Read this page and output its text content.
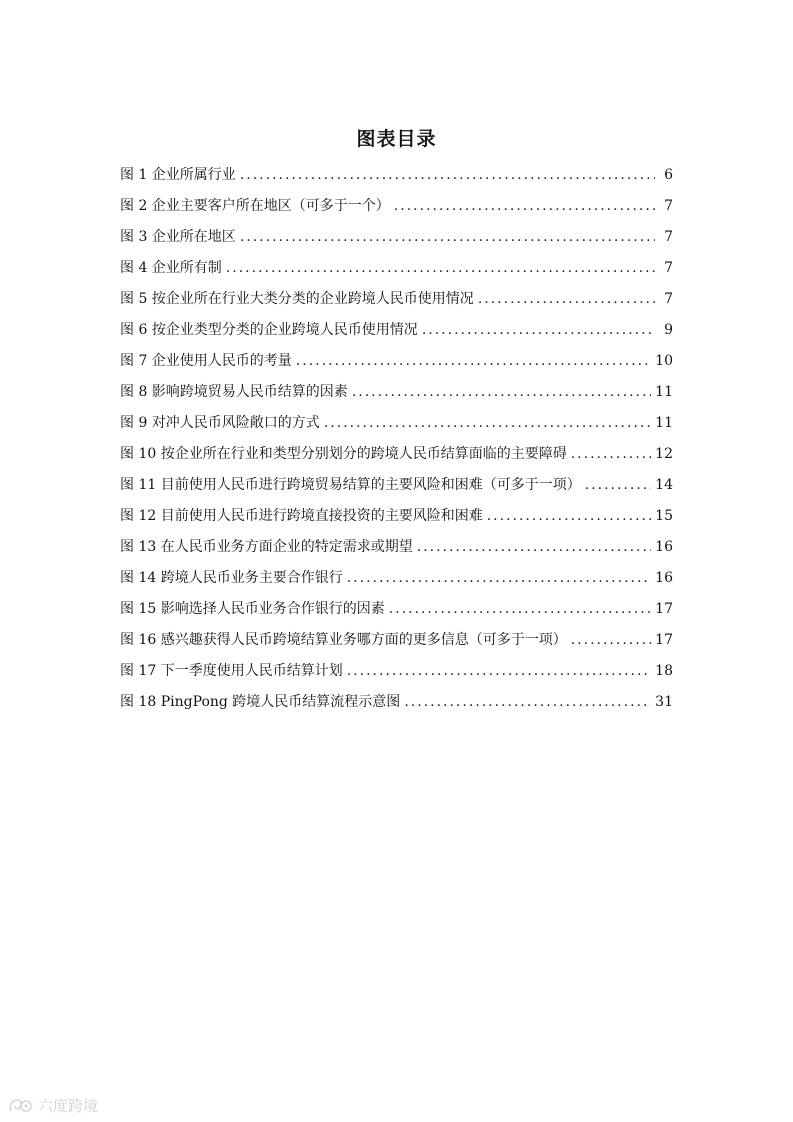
图表目录
图 1 企业所属行业 .....	6
图 2 企业主要客户所在地区（可多于一个） .....	7
图 3 企业所在地区 .....	7
图 4 企业所有制 .....	7
图 5 按企业所在行业大类分类的企业跨境人民币使用情况 .....	7
图 6 按企业类型分类的企业跨境人民币使用情况 .....	9
图 7 企业使用人民币的考量 .....	10
图 8 影响跨境贸易人民币结算的因素 .....	11
图 9 对冲人民币风险敞口的方式 .....	11
图 10 按企业所在行业和类型分别划分的跨境人民币结算面临的主要障碍 .....	12
图 11 目前使用人民币进行跨境贸易结算的主要风险和困难（可多于一项） .....	14
图 12 目前使用人民币进行跨境直接投资的主要风险和困难 .....	15
图 13 在人民币业务方面企业的特定需求或期望 .....	16
图 14 跨境人民币业务主要合作银行 .....	16
图 15 影响选择人民币业务合作银行的因素 .....	17
图 16 感兴趣获得人民币跨境结算业务哪方面的更多信息（可多于一项） .....	17
图 17 下一季度使用人民币结算计划 .....	18
图 18 PingPong 跨境人民币结算流程示意图 .....	31
六度跨境
